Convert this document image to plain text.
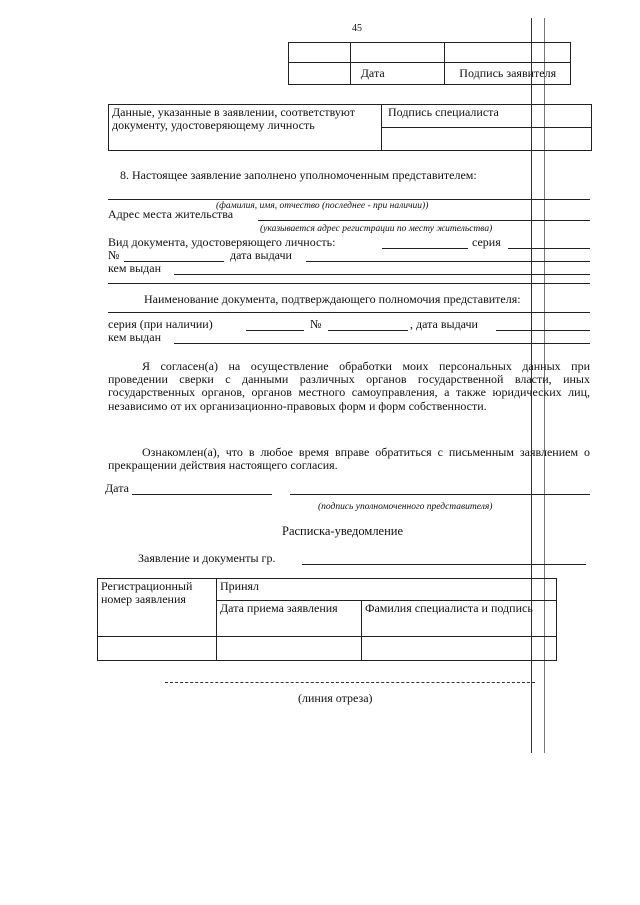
45

	Дата	Подпись заявителя
Данные, указанные в заявлении, соответствуют документу, удостоверяющему личность	Подпись специалиста

8. Настоящее заявление заполнено уполномоченным представителем:
(фамилия, имя, отчество (последнее - при наличии))
Адрес места жительства
(указывается адрес регистрации по месту жительства)
Вид документа, удостоверяющего личность:	серия
№	дата выдачи
кем выдан
Наименование документа, подтверждающего полномочия представителя:
серия (при наличии)	№	, дата выдачи
кем выдан
Я согласен(а) на осуществление обработки моих персональных данных при проведении сверки с данными различных органов государственной власти, иных государственных органов, органов местного самоуправления, а также юридических лиц, независимо от их организационно-правовых форм и форм собственности.
Ознакомлен(а), что в любое время вправе обратиться с письменным заявлением о прекращении действия настоящего согласия.
Дата
(подпись уполномоченного представителя)
Расписка-уведомление
Заявление и документы гр.
Регистрационный номер заявления	Принял	
	Дата приема заявления	Фамилия специалиста и подпись

(линия отреза)
